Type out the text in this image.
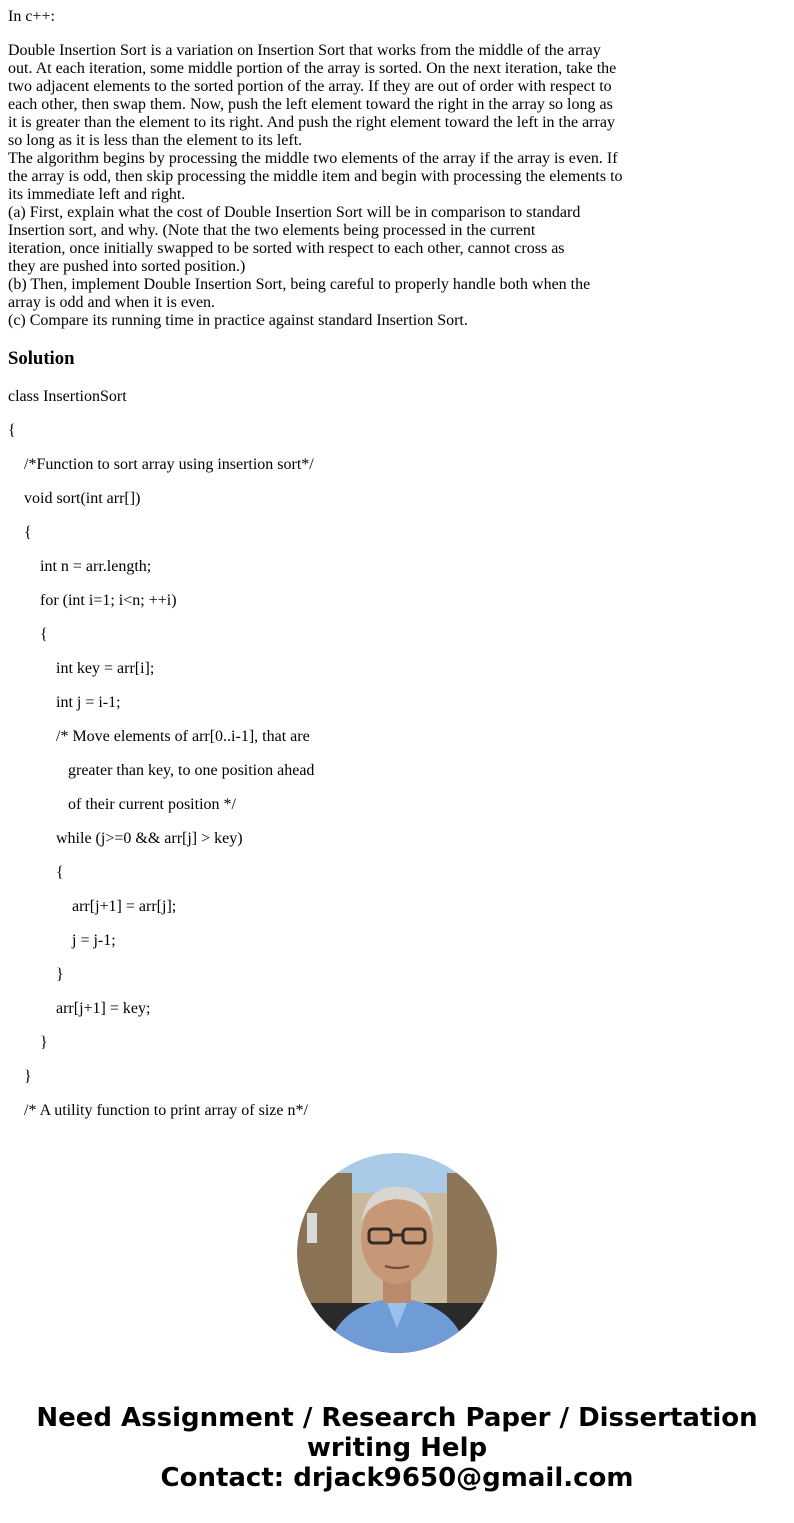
In c++:

Double Insertion Sort is a variation on Insertion Sort that works from the middle of the array
out. At each iteration, some middle portion of the array is sorted. On the next iteration, take the
two adjacent elements to the sorted portion of the array. If they are out of order with respect to
each other, then swap them. Now, push the left element toward the right in the array so long as
it is greater than the element to its right. And push the right element toward the left in the array
so long as it is less than the element to its left.
The algorithm begins by processing the middle two elements of the array if the array is even. If
the array is odd, then skip processing the middle item and begin with processing the elements to
its immediate left and right.
(a) First, explain what the cost of Double Insertion Sort will be in comparison to standard
Insertion sort, and why. (Note that the two elements being processed in the current
iteration, once initially swapped to be sorted with respect to each other, cannot cross as
they are pushed into sorted position.)
(b) Then, implement Double Insertion Sort, being careful to properly handle both when the
array is odd and when it is even.
(c) Compare its running time in practice against standard Insertion Sort.
Solution
class InsertionSort
{
/*Function to sort array using insertion sort*/
void sort(int arr[])
{
int n = arr.length;
for (int i=1; i<n; ++i)
{
int key = arr[i];
int j = i-1;
/* Move elements of arr[0..i-1], that are
greater than key, to one position ahead
of their current position */
while (j>=0 && arr[j] > key)
{
arr[j+1] = arr[j];
j = j-1;
}
arr[j+1] = key;
}
}
/* A utility function to print array of size n*/
Need Assignment / Research Paper / Dissertation
writing Help
Contact: drjack9650@gmail.com
